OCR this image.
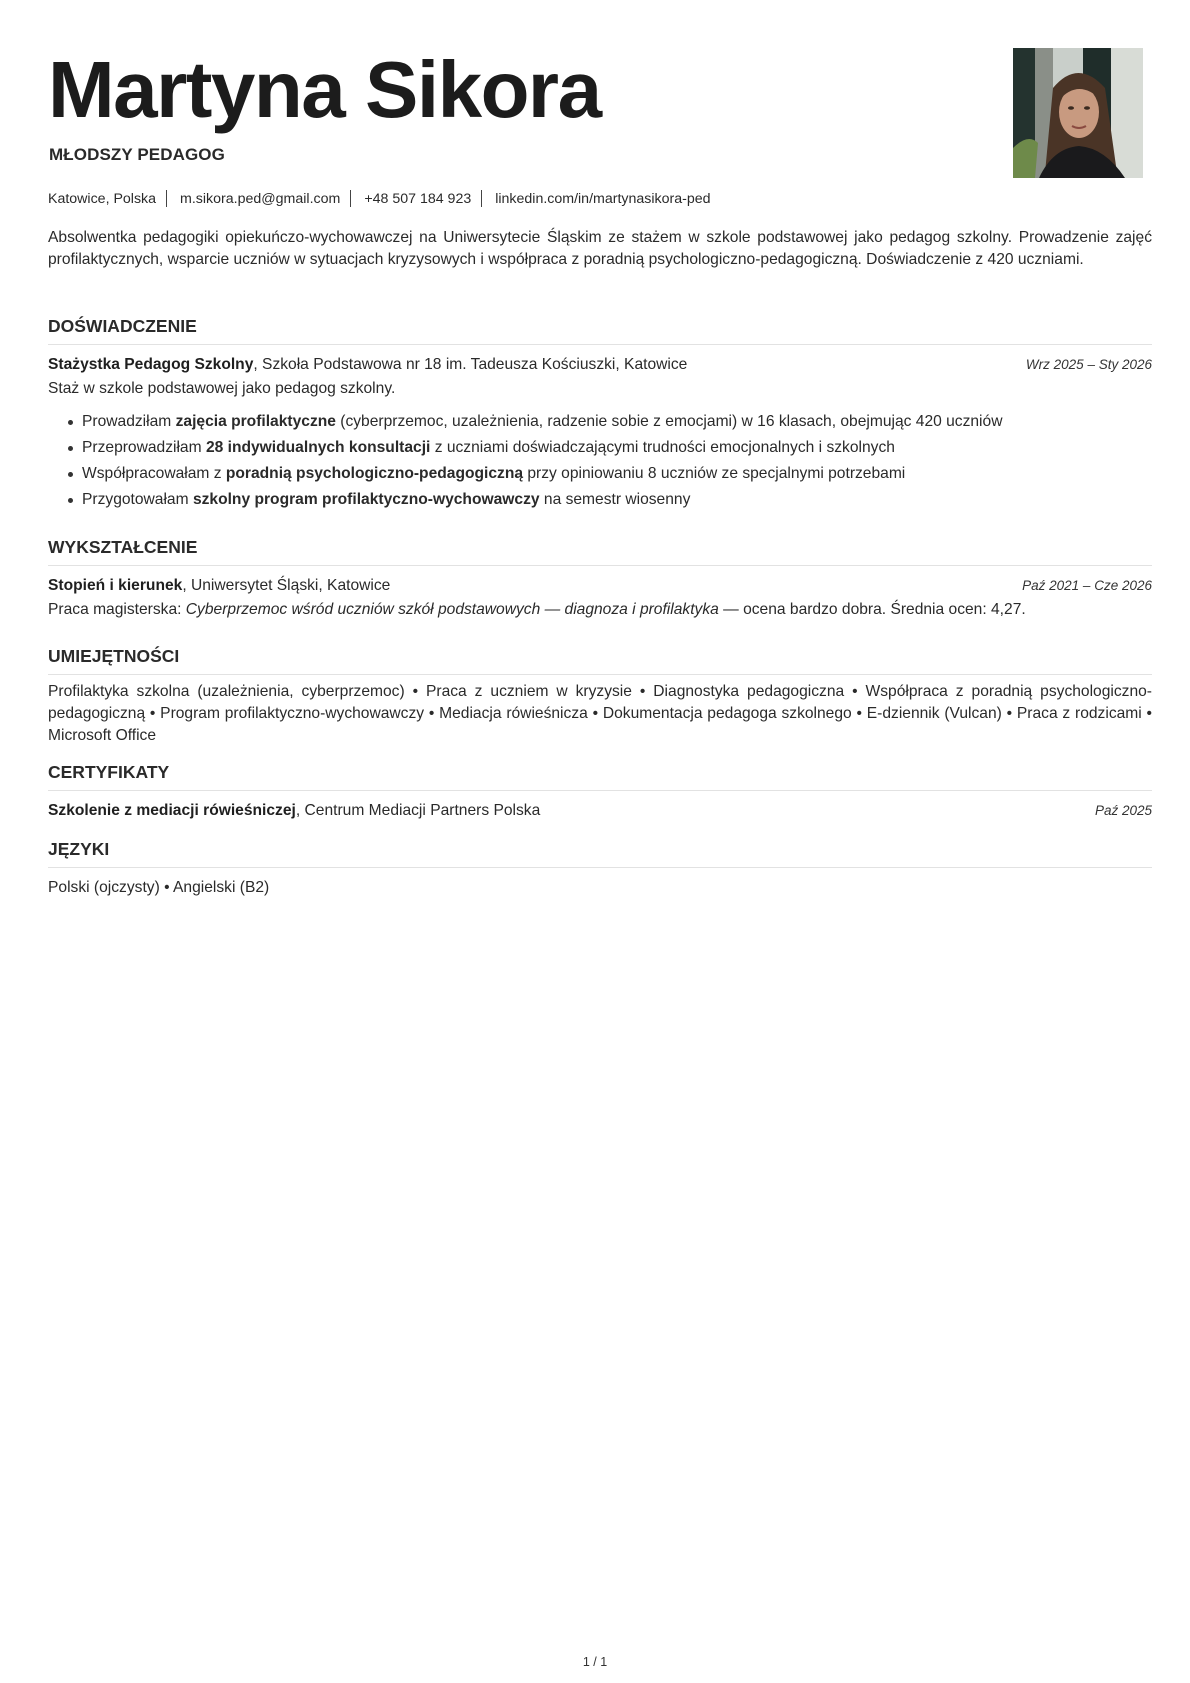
Martyna Sikora
MŁODSZY PEDAGOG
Katowice, Polska m.sikora.ped@gmail.com +48 507 184 923 linkedin.com/in/martynasikora-ped
Absolwentka pedagogiki opiekuńczo-wychowawczej na Uniwersytecie Śląskim ze stażem w szkole podstawowej jako pedagog szkolny. Prowadzenie zajęć profilaktycznych, wsparcie uczniów w sytuacjach kryzysowych i współpraca z poradnią psychologiczno-pedagogiczną. Doświadczenie z 420 uczniami.
DOŚWIADCZENIE
Stażystka Pedagog Szkolny, Szkoła Podstawowa nr 18 im. Tadeusza Kościuszki, Katowice	Wrz 2025 – Sty 2026
Staż w szkole podstawowej jako pedagog szkolny.
Prowadziłam zajęcia profilaktyczne (cyberprzemoc, uzależnienia, radzenie sobie z emocjami) w 16 klasach, obejmując 420 uczniów
Przeprowadziłam 28 indywidualnych konsultacji z uczniami doświadczającymi trudności emocjonalnych i szkolnych
Współpracowałam z poradnią psychologiczno-pedagogiczną przy opiniowaniu 8 uczniów ze specjalnymi potrzebami
Przygotowałam szkolny program profilaktyczno-wychowawczy na semestr wiosenny
WYKSZTAŁCENIE
Stopień i kierunek, Uniwersytet Śląski, Katowice	Paź 2021 – Cze 2026
Praca magisterska: Cyberprzemoc wśród uczniów szkół podstawowych — diagnoza i profilaktyka — ocena bardzo dobra. Średnia ocen: 4,27.
UMIEJĘTNOŚCI
Profilaktyka szkolna (uzależnienia, cyberprzemoc) • Praca z uczniem w kryzysie • Diagnostyka pedagogiczna • Współpraca z poradnią psychologiczno-pedagogiczną • Program profilaktyczno-wychowawczy • Mediacja rówieśnicza • Dokumentacja pedagoga szkolnego • E-dziennik (Vulcan) • Praca z rodzicami • Microsoft Office
CERTYFIKATY
Szkolenie z mediacji rówieśniczej, Centrum Mediacji Partners Polska	Paź 2025
JĘZYKI
Polski (ojczysty) • Angielski (B2)
1 / 1
